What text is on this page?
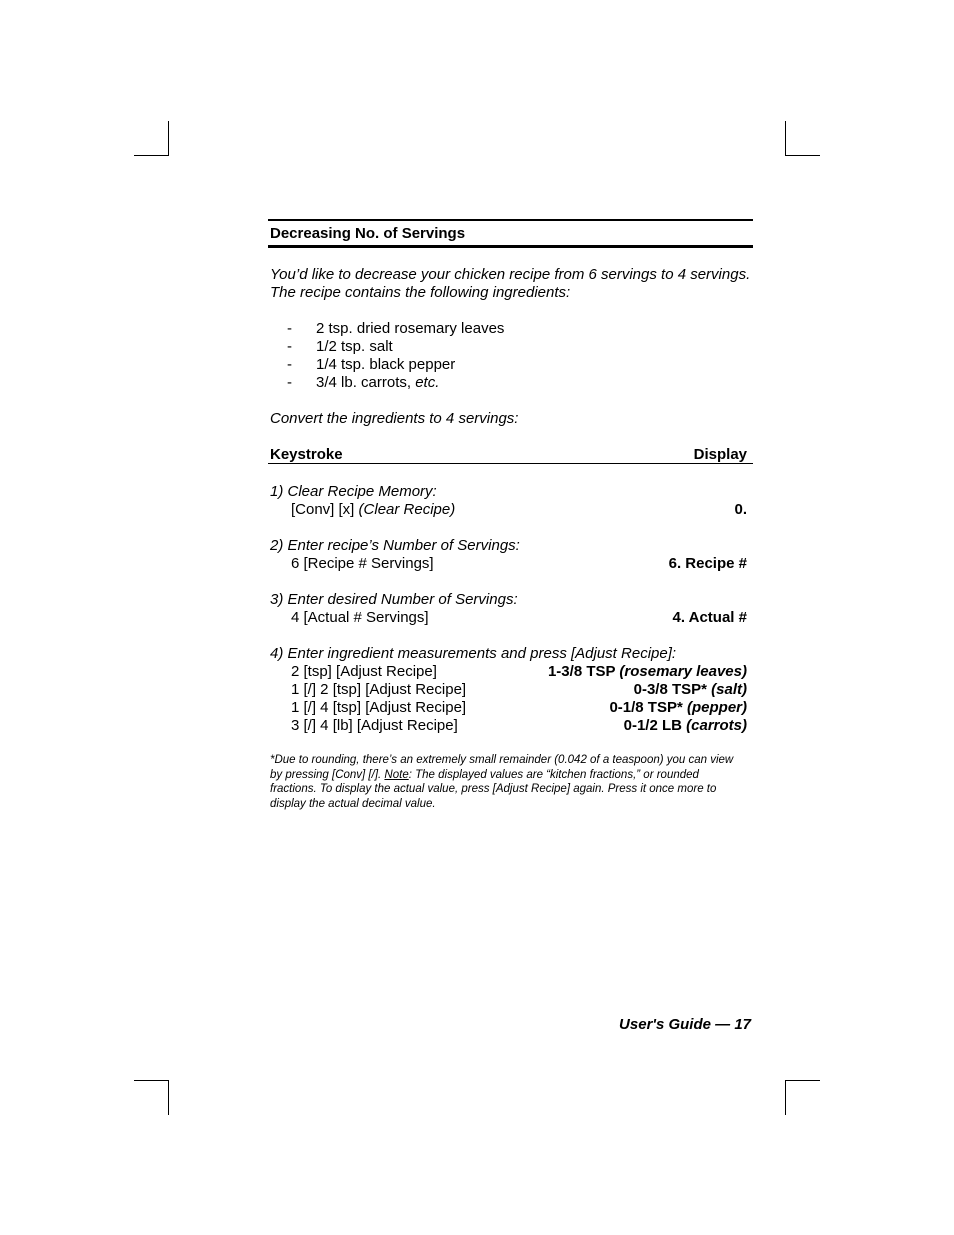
Decreasing No. of Servings
You’d like to decrease your chicken recipe from 6 servings to 4 servings. The recipe contains the following ingredients:
- 2 tsp. dried rosemary leaves
- 1/2 tsp. salt
- 1/4 tsp. black pepper
- 3/4 lb. carrots, etc.
Convert the ingredients to 4 servings:
Keystroke	Display
1) Clear Recipe Memory:
[Conv] [x] (Clear Recipe)	0.
2) Enter recipe’s Number of Servings:
6 [Recipe # Servings]	6. Recipe #
3) Enter desired Number of Servings:
4 [Actual # Servings]	4. Actual #
4) Enter ingredient measurements and press [Adjust Recipe]:
2 [tsp] [Adjust Recipe]	1-3/8 TSP (rosemary leaves)
1 [/] 2 [tsp] [Adjust Recipe]	0-3/8 TSP* (salt)
1 [/] 4 [tsp] [Adjust Recipe]	0-1/8 TSP* (pepper)
3 [/] 4 [lb] [Adjust Recipe]	0-1/2 LB (carrots)
*Due to rounding, there’s an extremely small remainder (0.042 of a teaspoon) you can view by pressing [Conv] [/]. Note: The displayed values are “kitchen fractions,” or rounded fractions. To display the actual value, press [Adjust Recipe] again. Press it once more to display the actual decimal value.
User's Guide — 17
